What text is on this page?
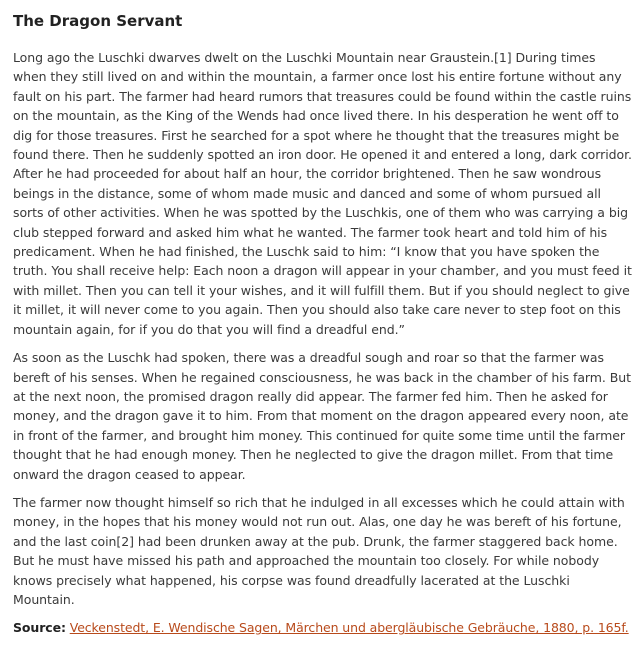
The Dragon Servant

Long ago the Luschki dwarves dwelt on the Luschki Mountain near Graustein.[1] During times when they still lived on and within the mountain, a farmer once lost his entire fortune without any fault on his part. The farmer had heard rumors that treasures could be found within the castle ruins on the mountain, as the King of the Wends had once lived there. In his desperation he went off to dig for those treasures. First he searched for a spot where he thought that the treasures might be found there. Then he suddenly spotted an iron door. He opened it and entered a long, dark corridor. After he had proceeded for about half an hour, the corridor brightened. Then he saw wondrous beings in the distance, some of whom made music and danced and some of whom pursued all sorts of other activities. When he was spotted by the Luschkis, one of them who was carrying a big club stepped forward and asked him what he wanted. The farmer took heart and told him of his predicament. When he had finished, the Luschk said to him: “I know that you have spoken the truth. You shall receive help: Each noon a dragon will appear in your chamber, and you must feed it with millet. Then you can tell it your wishes, and it will fulfill them. But if you should neglect to give it millet, it will never come to you again. Then you should also take care never to step foot on this mountain again, for if you do that you will find a dreadful end.”

As soon as the Luschk had spoken, there was a dreadful sough and roar so that the farmer was bereft of his senses. When he regained consciousness, he was back in the chamber of his farm. But at the next noon, the promised dragon really did appear. The farmer fed him. Then he asked for money, and the dragon gave it to him. From that moment on the dragon appeared every noon, ate in front of the farmer, and brought him money. This continued for quite some time until the farmer thought that he had enough money. Then he neglected to give the dragon millet. From that time onward the dragon ceased to appear.

The farmer now thought himself so rich that he indulged in all excesses which he could attain with money, in the hopes that his money would not run out. Alas, one day he was bereft of his fortune, and the last coin[2] had been drunken away at the pub. Drunk, the farmer staggered back home. But he must have missed his path and approached the mountain too closely. For while nobody knows precisely what happened, his corpse was found dreadfully lacerated at the Luschki Mountain.

Source: Veckenstedt, E. Wendische Sagen, Märchen und abergläubische Gebräuche, 1880, p. 165f.
